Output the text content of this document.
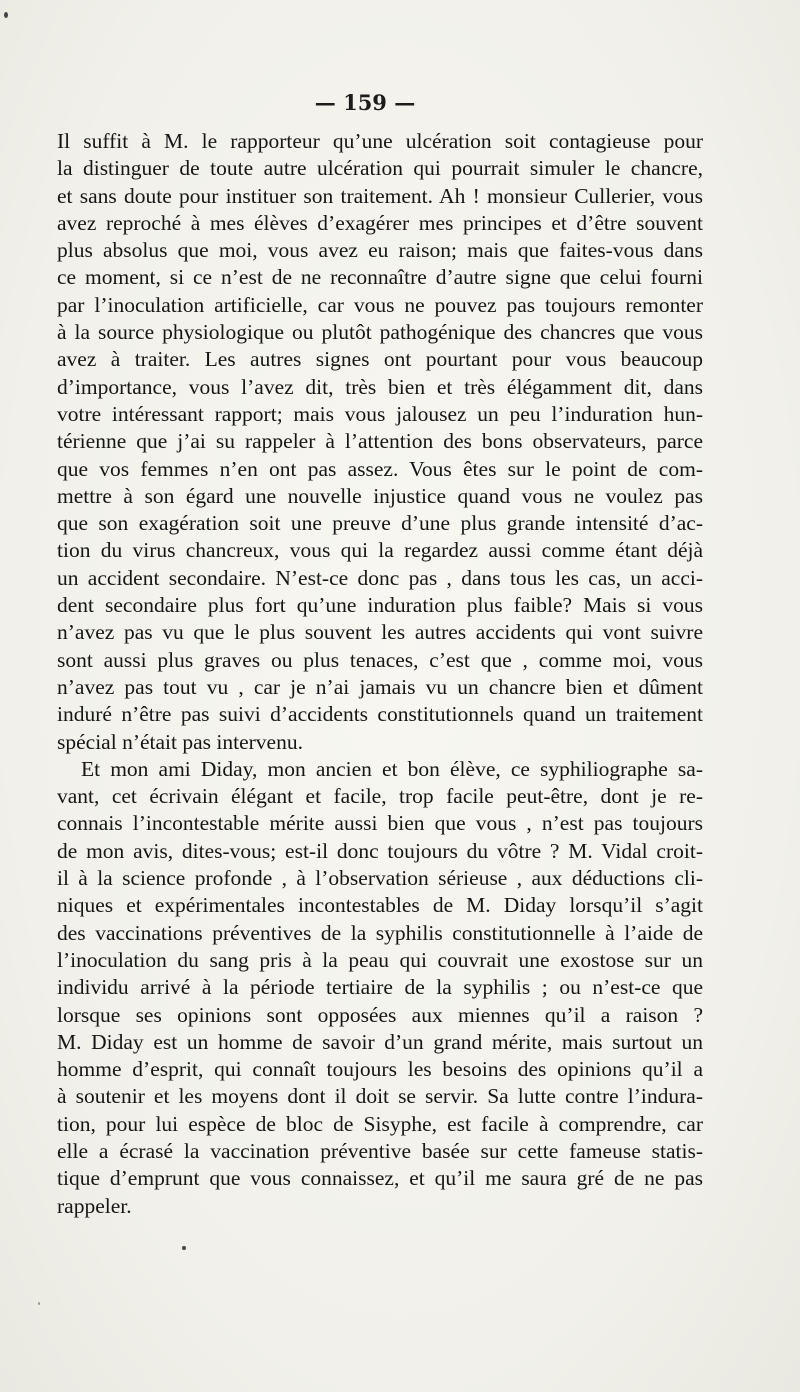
— 159 —
Il suffit à M. le rapporteur qu’une ulcération soit contagieuse pour
la distinguer de toute autre ulcération qui pourrait simuler le chancre,
et sans doute pour instituer son traitement. Ah ! monsieur Cullerier, vous
avez reproché à mes élèves d’exagérer mes principes et d’être souvent
plus absolus que moi, vous avez eu raison; mais que faites-vous dans
ce moment, si ce n’est de ne reconnaître d’autre signe que celui fourni
par l’inoculation artificielle, car vous ne pouvez pas toujours remonter
à la source physiologique ou plutôt pathogénique des chancres que vous
avez à traiter. Les autres signes ont pourtant pour vous beaucoup
d’importance, vous l’avez dit, très bien et très élégamment dit, dans
votre intéressant rapport; mais vous jalousez un peu l’induration hun-
térienne que j’ai su rappeler à l’attention des bons observateurs, parce
que vos femmes n’en ont pas assez. Vous êtes sur le point de com-
mettre à son égard une nouvelle injustice quand vous ne voulez pas
que son exagération soit une preuve d’une plus grande intensité d’ac-
tion du virus chancreux, vous qui la regardez aussi comme étant déjà
un accident secondaire. N’est-ce donc pas , dans tous les cas, un acci-
dent secondaire plus fort qu’une induration plus faible? Mais si vous
n’avez pas vu que le plus souvent les autres accidents qui vont suivre
sont aussi plus graves ou plus tenaces, c’est que , comme moi, vous
n’avez pas tout vu , car je n’ai jamais vu un chancre bien et dûment
induré n’être pas suivi d’accidents constitutionnels quand un traitement
spécial n’était pas intervenu.
Et mon ami Diday, mon ancien et bon élève, ce syphiliographe sa-
vant, cet écrivain élégant et facile, trop facile peut-être, dont je re-
connais l’incontestable mérite aussi bien que vous , n’est pas toujours
de mon avis, dites-vous; est-il donc toujours du vôtre ? M. Vidal croit-
il à la science profonde , à l’observation sérieuse , aux déductions cli-
niques et expérimentales incontestables de M. Diday lorsqu’il s’agit
des vaccinations préventives de la syphilis constitutionnelle à l’aide de
l’inoculation du sang pris à la peau qui couvrait une exostose sur un
individu arrivé à la période tertiaire de la syphilis ; ou n’est-ce que
lorsque ses opinions sont opposées aux miennes qu’il a raison ?
M. Diday est un homme de savoir d’un grand mérite, mais surtout un
homme d’esprit, qui connaît toujours les besoins des opinions qu’il a
à soutenir et les moyens dont il doit se servir. Sa lutte contre l’indura-
tion, pour lui espèce de bloc de Sisyphe, est facile à comprendre, car
elle a écrasé la vaccination préventive basée sur cette fameuse statis-
tique d’emprunt que vous connaissez, et qu’il me saura gré de ne pas
rappeler.
